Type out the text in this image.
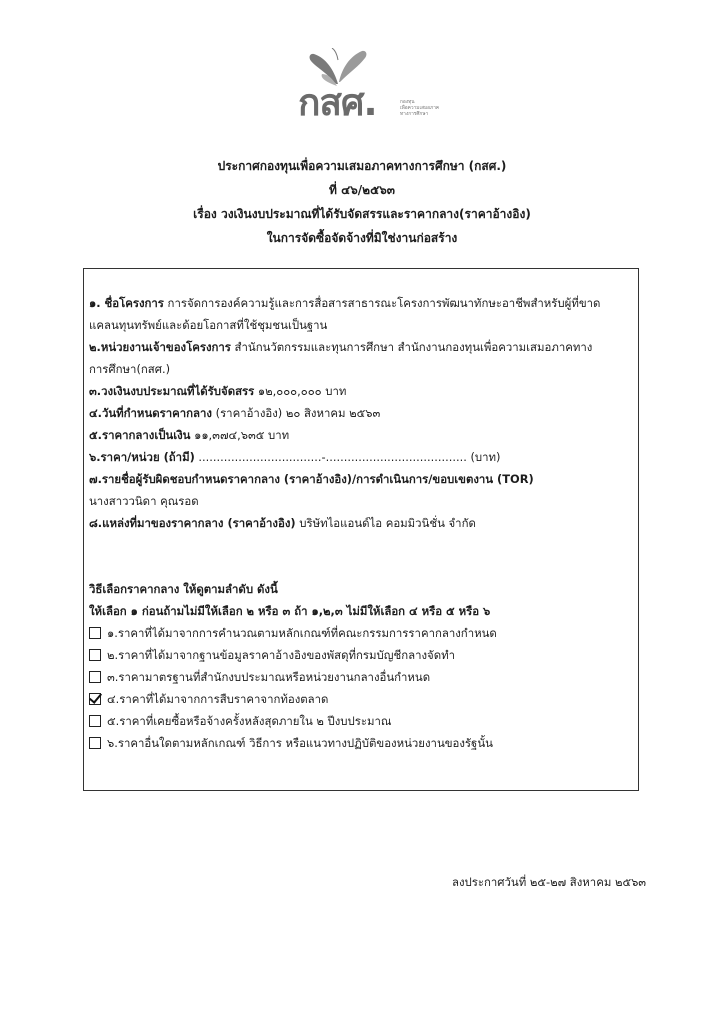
กสศ.	กองทุน
เพื่อความเสมอภาค
ทางการศึกษา
ประกาศกองทุนเพื่อความเสมอภาคทางการศึกษา (กสศ.)
ที่ ๔๖/๒๕๖๓
เรื่อง วงเงินงบประมาณที่ได้รับจัดสรรและราคากลาง(ราคาอ้างอิง)
ในการจัดซื้อจัดจ้างที่มิใช่งานก่อสร้าง
๑. ชื่อโครงการ การจัดการองค์ความรู้และการสื่อสารสาธารณะโครงการพัฒนาทักษะอาชีพสำหรับผู้ที่ขาด
แคลนทุนทรัพย์และด้อยโอกาสที่ใช้ชุมชนเป็นฐาน
๒.หน่วยงานเจ้าของโครงการ สำนักนวัตกรรมและทุนการศึกษา สำนักงานกองทุนเพื่อความเสมอภาคทาง
การศึกษา(กสศ.)
๓.วงเงินงบประมาณที่ได้รับจัดสรร ๑๒,๐๐๐,๐๐๐ บาท
๔.วันที่กำหนดราคากลาง (ราคาอ้างอิง) ๒๐ สิงหาคม ๒๕๖๓
๕.ราคากลางเป็นเงิน ๑๑,๓๗๔,๖๓๕ บาท
๖.ราคา/หน่วย (ถ้ามี) ..................................-....................................... (บาท)
๗.รายชื่อผู้รับผิดชอบกำหนดราคากลาง (ราคาอ้างอิง)/การดำเนินการ/ขอบเขตงาน (TOR)
นางสาววนิดา คุณรอด
๘.แหล่งที่มาของราคากลาง (ราคาอ้างอิง) บริษัทไอแอนด์ไอ คอมมิวนิชั่น จำกัด
วิธีเลือกราคากลาง ให้ดูตามลำดับ ดังนี้
ให้เลือก ๑ ก่อนถ้ามไม่มีให้เลือก ๒ หรือ ๓ ถ้า ๑,๒,๓ ไม่มีให้เลือก ๔ หรือ ๕ หรือ ๖
๑.ราคาที่ได้มาจากการคำนวณตามหลักเกณฑ์ที่คณะกรรมการราคากลางกำหนด
๒.ราคาที่ได้มาจากฐานข้อมูลราคาอ้างอิงของพัสดุที่กรมบัญชีกลางจัดทำ
๓.ราคามาตรฐานที่สำนักงบประมาณหรือหน่วยงานกลางอื่นกำหนด
๔.ราคาที่ได้มาจากการสืบราคาจากท้องตลาด
๕.ราคาที่เคยซื้อหรือจ้างครั้งหลังสุดภายใน ๒ ปีงบประมาณ
๖.ราคาอื่นใดตามหลักเกณฑ์ วิธีการ หรือแนวทางปฏิบัติของหน่วยงานของรัฐนั้น
ลงประกาศวันที่ ๒๕-๒๗ สิงหาคม ๒๕๖๓
